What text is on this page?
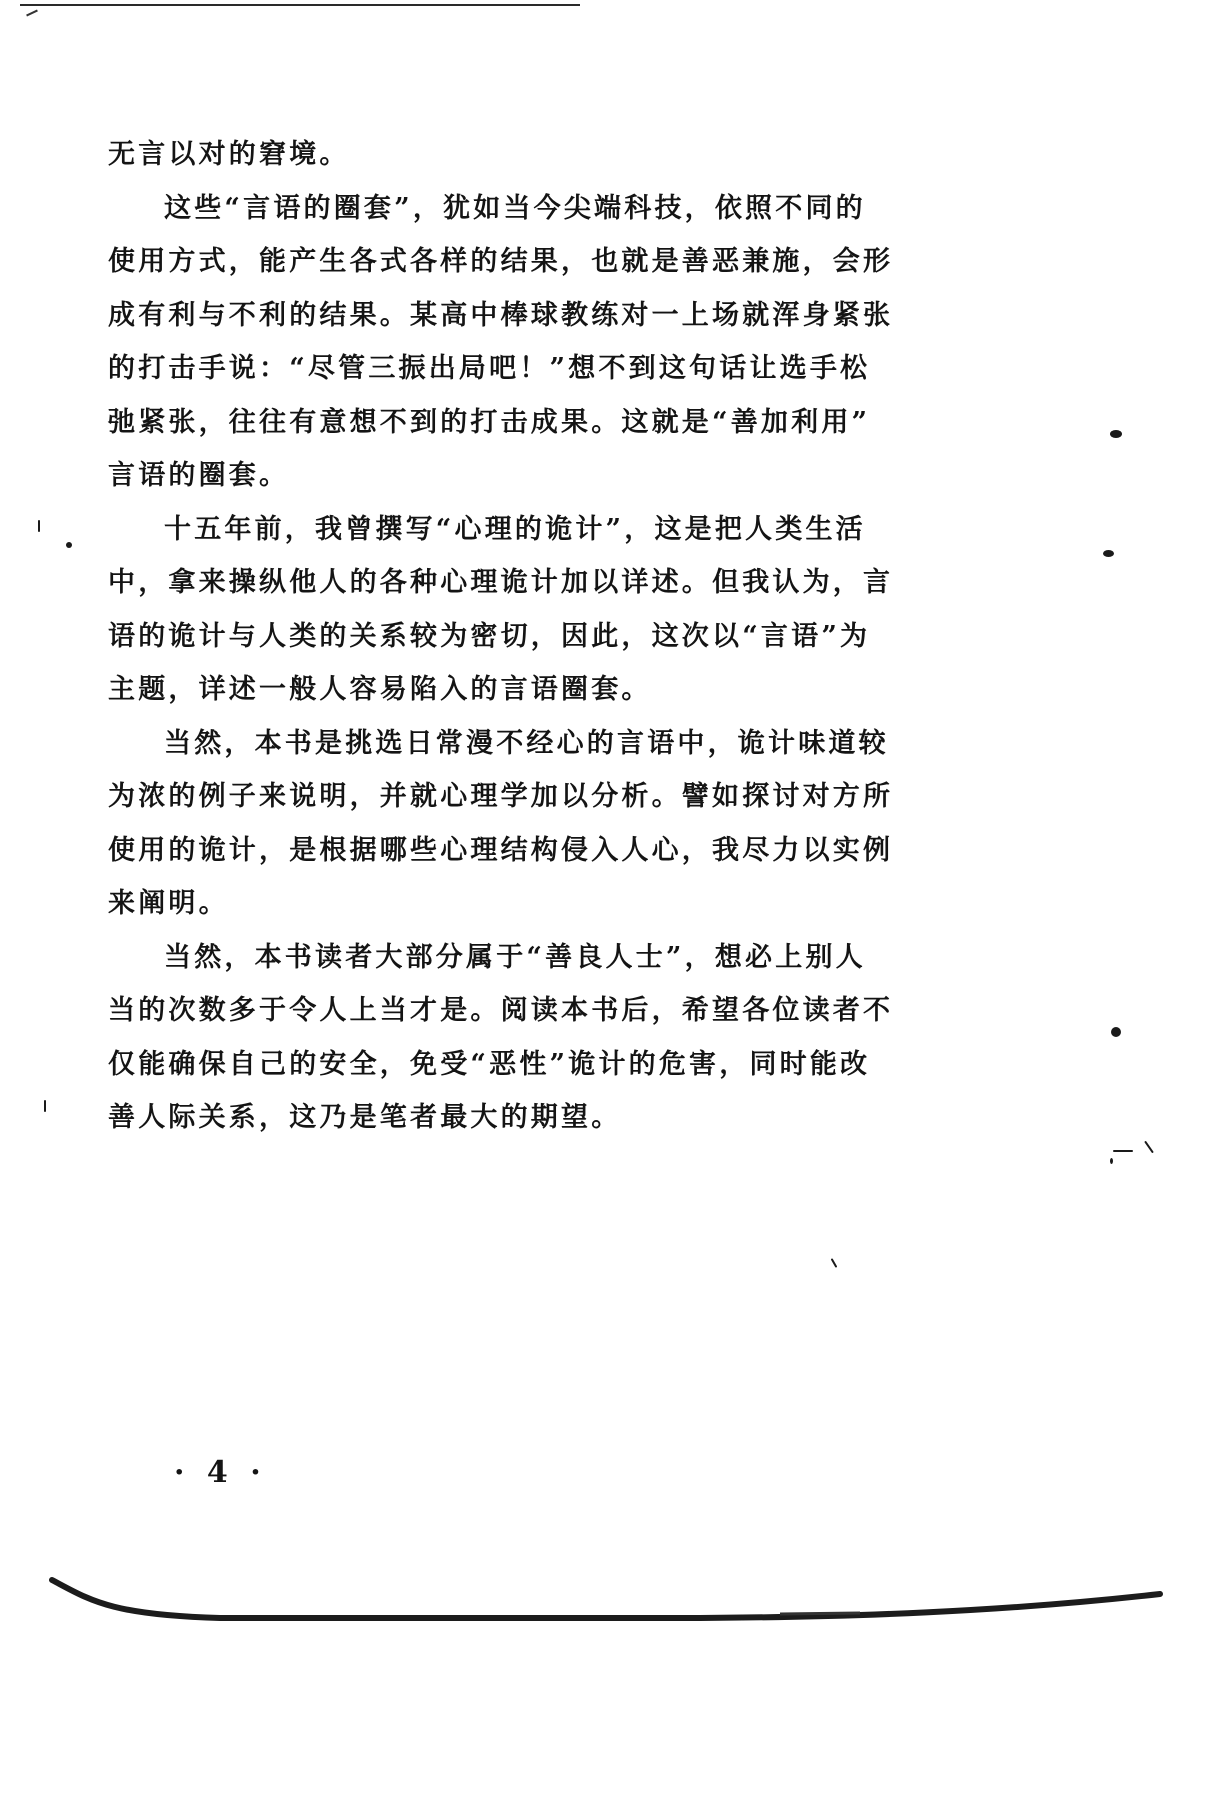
无言以对的窘境。
这些“言语的圈套”，犹如当今尖端科技，依照不同的
使用方式，能产生各式各样的结果，也就是善恶兼施，会形
成有利与不利的结果。某高中棒球教练对一上场就浑身紧张
的打击手说：“尽管三振出局吧！”想不到这句话让选手松
弛紧张，往往有意想不到的打击成果。这就是“善加利用”
言语的圈套。
十五年前，我曾撰写“心理的诡计”，这是把人类生活
中，拿来操纵他人的各种心理诡计加以详述。但我认为，言
语的诡计与人类的关系较为密切，因此，这次以“言语”为
主题，详述一般人容易陷入的言语圈套。
当然，本书是挑选日常漫不经心的言语中，诡计味道较
为浓的例子来说明，并就心理学加以分析。譬如探讨对方所
使用的诡计，是根据哪些心理结构侵入人心，我尽力以实例
来阐明。
当然，本书读者大部分属于“善良人士”，想必上别人
当的次数多于令人上当才是。阅读本书后，希望各位读者不
仅能确保自己的安全，免受“恶性”诡计的危害，同时能改
善人际关系，这乃是笔者最大的期望。
· 4 ·
